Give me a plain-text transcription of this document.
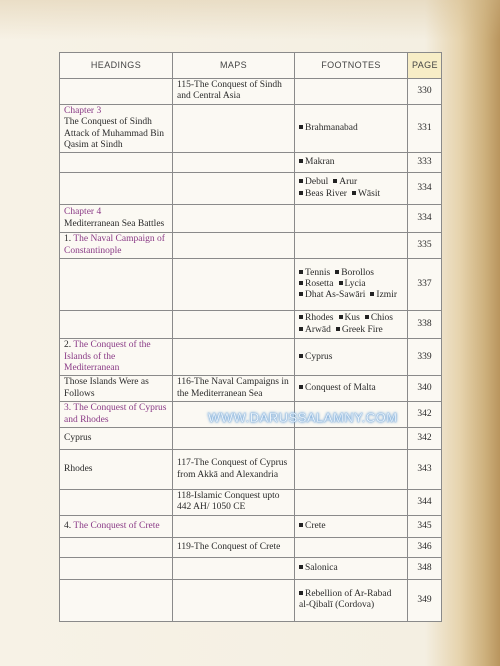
HEADINGS	MAPS	FOOTNOTES	PAGE
	115-The Conquest of Sindh and Central Asia		330
Chapter 3
The Conquest of Sindh
Attack of Muhammad Bin Qasim at Sindh		Brahmanabad	331
		Makran	333
		Debul ArurBeas River Wāsit	334
Chapter 4
Mediterranean Sea Battles			334
1. The Naval Campaign of Constantinople			335
		Tennis BorollosRosetta LyciaDhat As-Sawāri Izmir	337
		Rhodes Kus ChiosArwād Greek Fire	338
2. The Conquest of the Islands of the Mediterranean		Cyprus	339
Those Islands Were as Follows	116-The Naval Campaigns in the Mediterranean Sea	Conquest of Malta	340
3. The Conquest of Cyprus and Rhodes			342
Cyprus			342
Rhodes	117-The Conquest of Cyprus from Akkā and Alexandria		343
	118-Islamic Conquest upto 442 AH/ 1050 CE		344
4. The Conquest of Crete		Crete	345
	119-The Conquest of Crete		346
		Salonica	348
		Rebellion of Ar-Rabad al-Qibalī (Cordova)	349
WWW.DARUSSALAMNY.COM
